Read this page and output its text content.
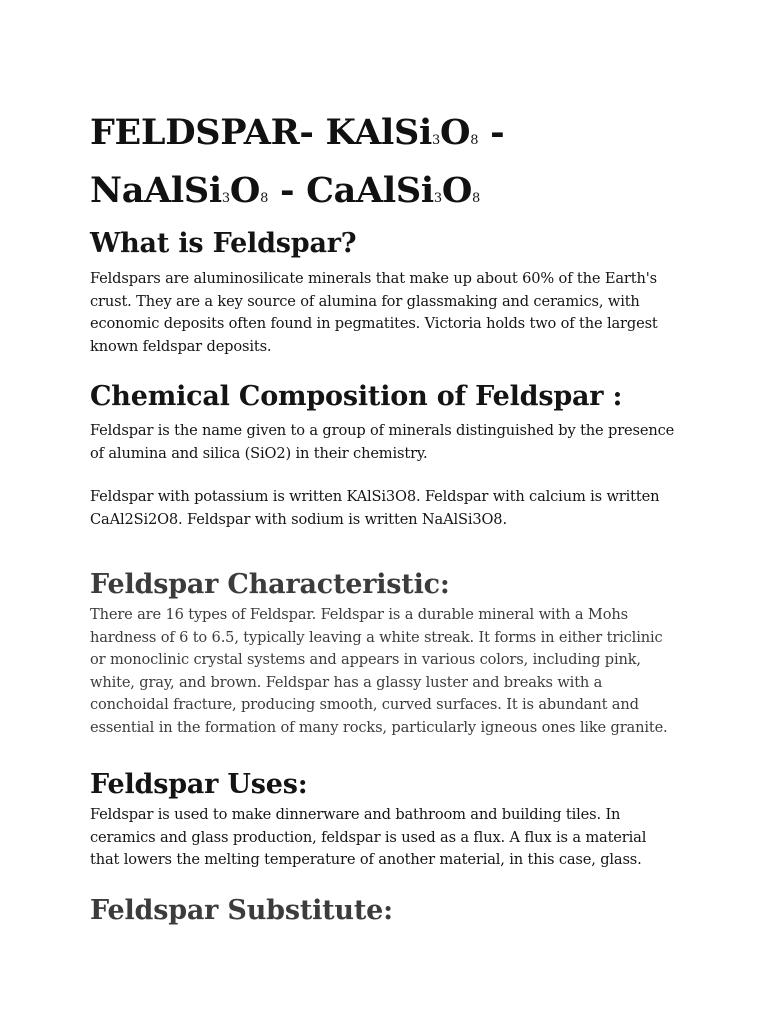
FELDSPAR- KAlSi3O8 -
NaAlSi3O8 - CaAlSi3O8
What is Feldspar?

Feldspars are aluminosilicate minerals that make up about 60% of the Earth's crust. They are a key source of alumina for glassmaking and ceramics, with economic deposits often found in pegmatites. Victoria holds two of the largest known feldspar deposits.

Chemical Composition of Feldspar :

Feldspar is the name given to a group of minerals distinguished by the presence of alumina and silica (SiO2) in their chemistry.

Feldspar with potassium is written KAlSi3O8. Feldspar with calcium is written CaAl2Si2O8. Feldspar with sodium is written NaAlSi3O8.

Feldspar Characteristic:

There are 16 types of Feldspar. Feldspar is a durable mineral with a Mohs hardness of 6 to 6.5, typically leaving a white streak. It forms in either triclinic or monoclinic crystal systems and appears in various colors, including pink, white, gray, and brown. Feldspar has a glassy luster and breaks with a conchoidal fracture, producing smooth, curved surfaces. It is abundant and essential in the formation of many rocks, particularly igneous ones like granite.

Feldspar Uses:

Feldspar is used to make dinnerware and bathroom and building tiles. In ceramics and glass production, feldspar is used as a flux. A flux is a material that lowers the melting temperature of another material, in this case, glass.

Feldspar Substitute:
